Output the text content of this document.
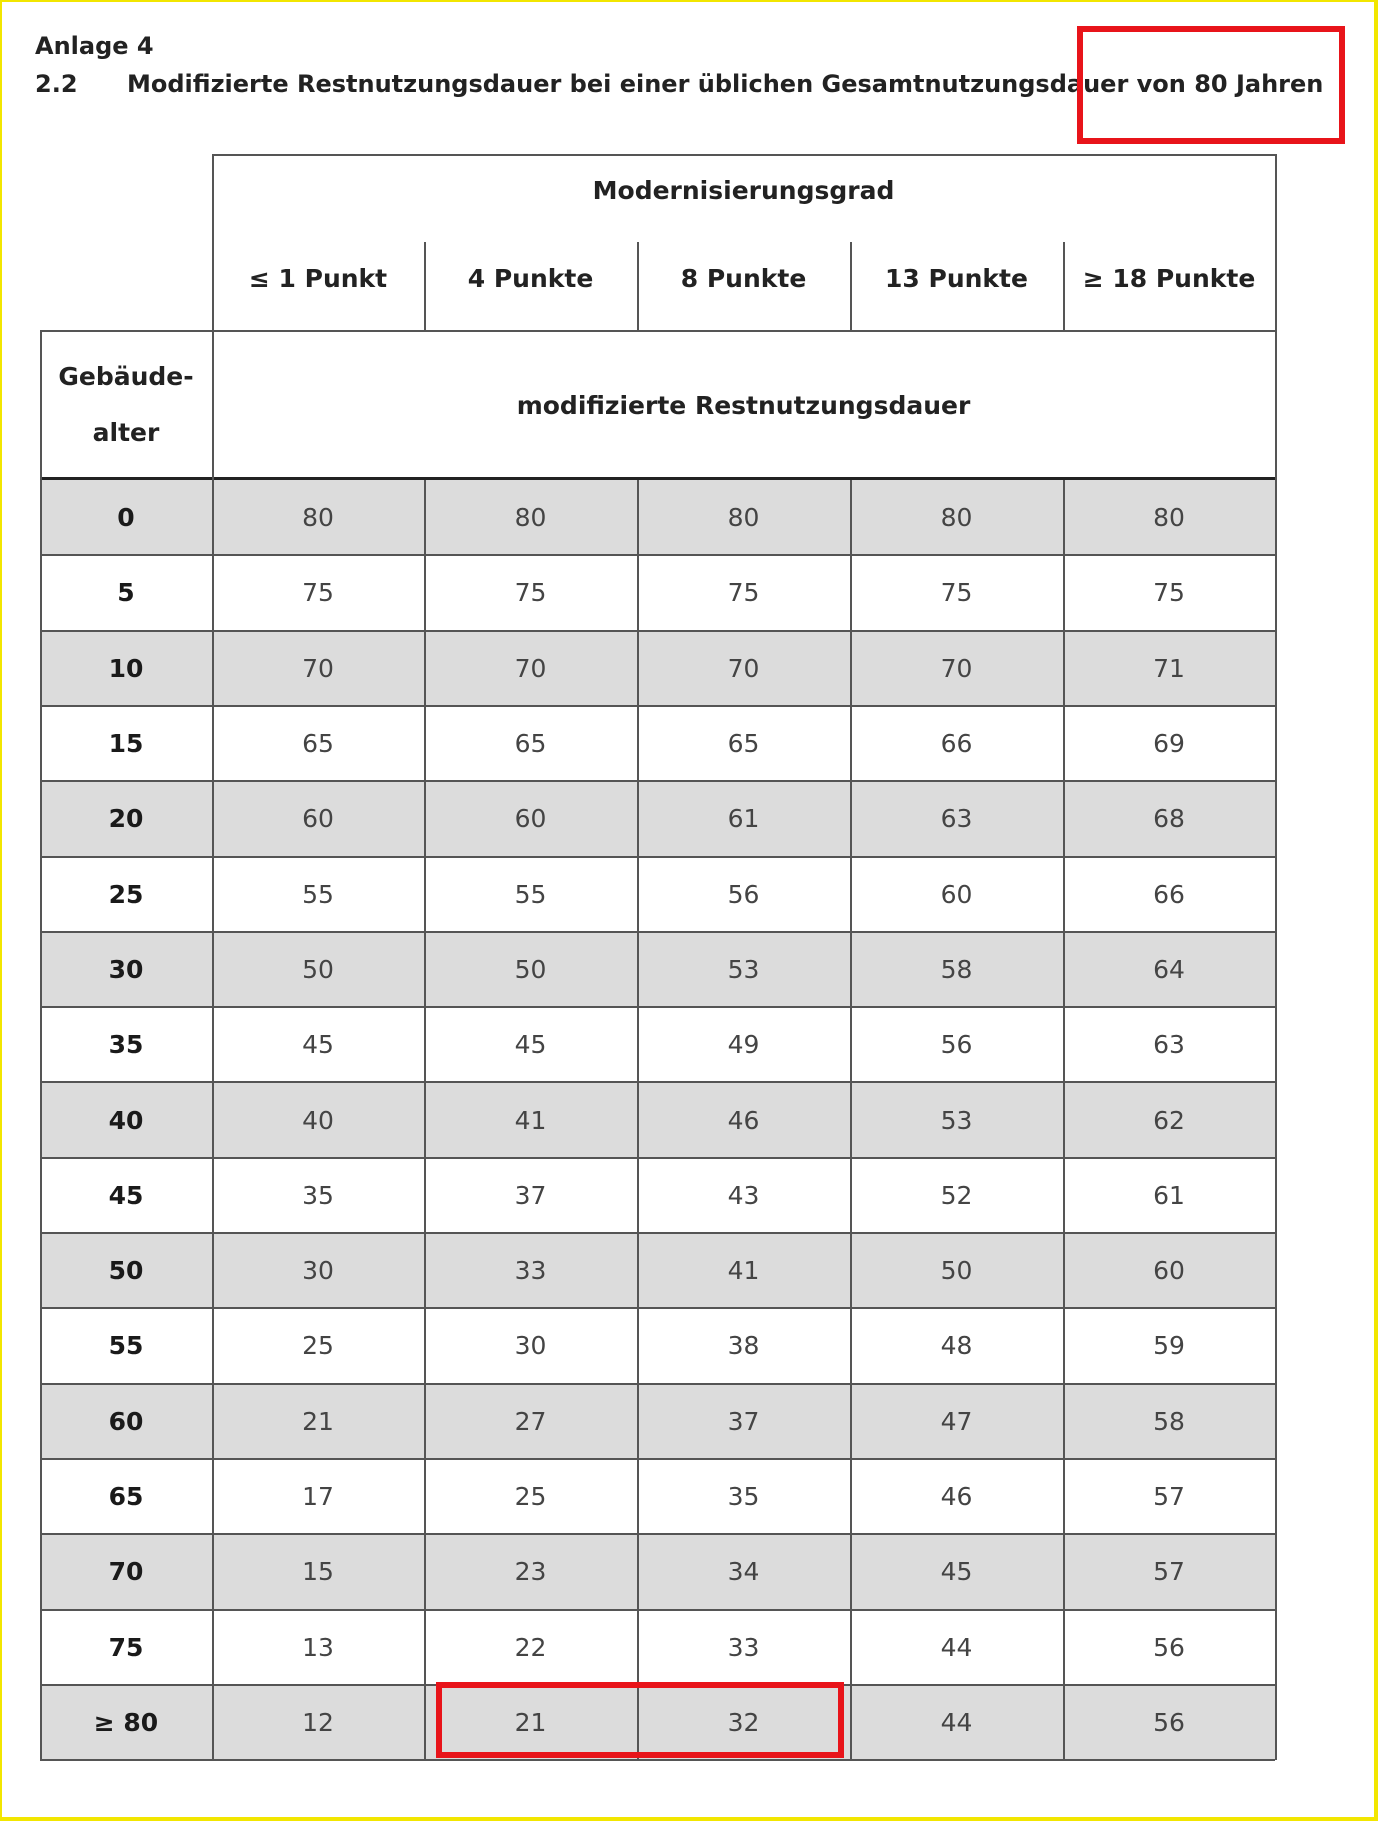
Anlage 4
2.2 Modifizierte Restnutzungsdauer bei einer üblichen Gesamtnutzungsdauer von 80 Jahren
Modernisierungsgrad
≤ 1 Punkt	4 Punkte	8 Punkte	13 Punkte	≥ 18 Punkte
Gebäude-
alter
modifizierte Restnutzungsdauer
0	80	80	80	80	80
5	75	75	75	75	75
10	70	70	70	70	71
15	65	65	65	66	69
20	60	60	61	63	68
25	55	55	56	60	66
30	50	50	53	58	64
35	45	45	49	56	63
40	40	41	46	53	62
45	35	37	43	52	61
50	30	33	41	50	60
55	25	30	38	48	59
60	21	27	37	47	58
65	17	25	35	46	57
70	15	23	34	45	57
75	13	22	33	44	56
≥ 80	12	21	32	44	56
